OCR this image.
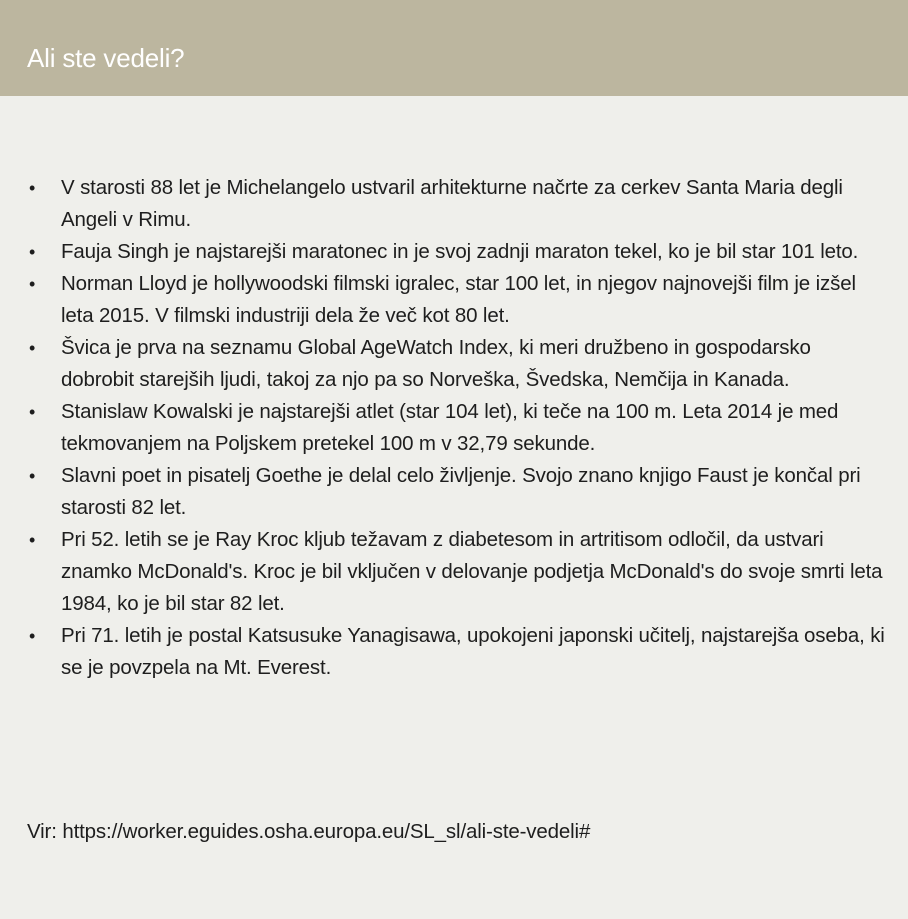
Ali ste vedeli?
•	V starosti 88 let je Michelangelo ustvaril arhitekturne načrte za cerkev Santa Maria degli Angeli v Rimu.
•	Fauja Singh je najstarejši maratonec in je svoj zadnji maraton tekel, ko je bil star 101 leto.
•	Norman Lloyd je hollywoodski filmski igralec, star 100 let, in njegov najnovejši film je izšel leta 2015. V filmski industriji dela že več kot 80 let.
•	Švica je prva na seznamu Global AgeWatch Index, ki meri družbeno in gospodarsko dobrobit starejših ljudi, takoj za njo pa so Norveška, Švedska, Nemčija in Kanada.
•	Stanislaw Kowalski je najstarejši atlet (star 104 let), ki teče na 100 m. Leta 2014 je med tekmovanjem na Poljskem pretekel 100 m v 32,79 sekunde.
•	Slavni poet in pisatelj Goethe je delal celo življenje. Svojo znano knjigo Faust je končal pri starosti 82 let.
•	Pri 52. letih se je Ray Kroc kljub težavam z diabetesom in artritisom odločil, da ustvari znamko McDonald's. Kroc je bil vključen v delovanje podjetja McDonald's do svoje smrti leta 1984, ko je bil star 82 let.
•	Pri 71. letih je postal Katsusuke Yanagisawa, upokojeni japonski učitelj, najstarejša oseba, ki se je povzpela na Mt. Everest.
Vir: https://worker.eguides.osha.europa.eu/SL_sl/ali-ste-vedeli#
